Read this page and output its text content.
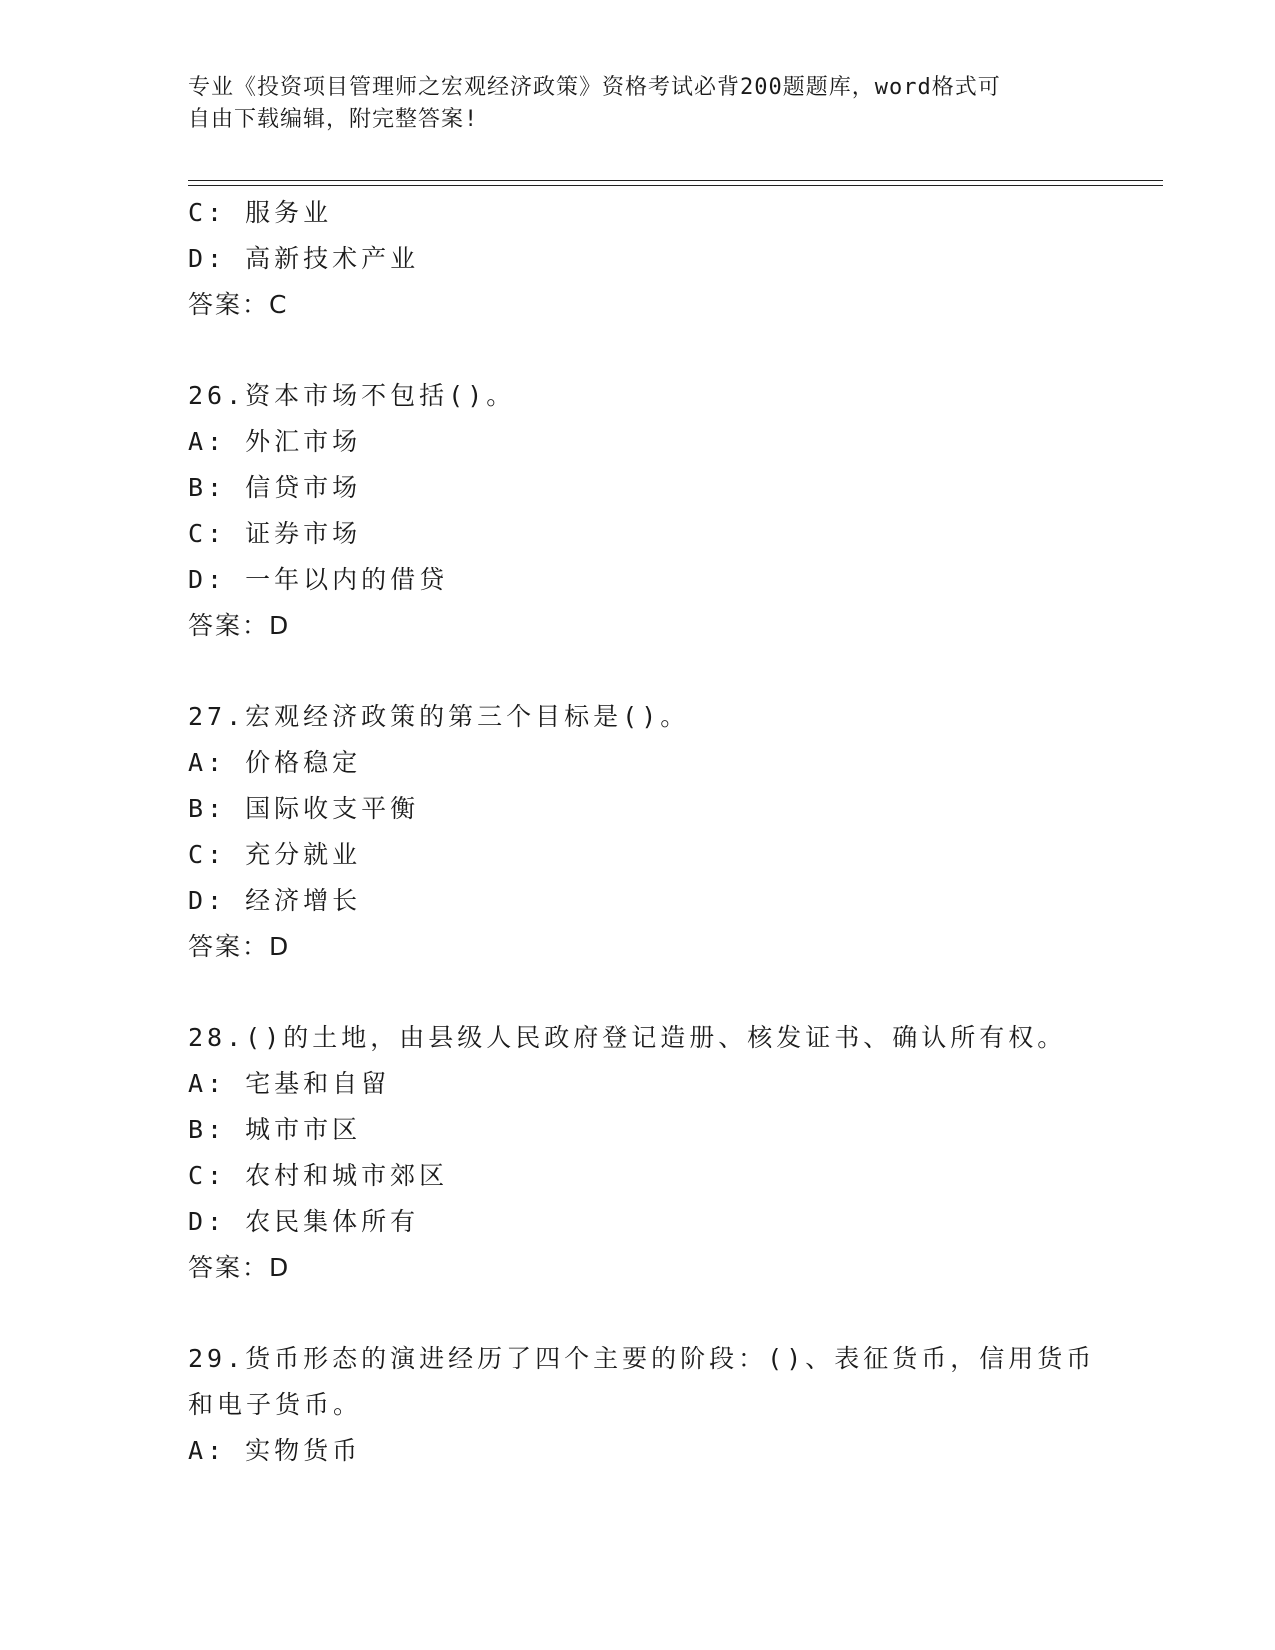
专业《投资项目管理师之宏观经济政策》资格考试必背200题题库，word格式可
自由下载编辑，附完整答案!
C: 服务业
D: 高新技术产业
答案：C
26.资本市场不包括()。
A: 外汇市场
B: 信贷市场
C: 证券市场
D: 一年以内的借贷
答案：D
27.宏观经济政策的第三个目标是()。
A: 价格稳定
B: 国际收支平衡
C: 充分就业
D: 经济增长
答案：D
28.()的土地，由县级人民政府登记造册、核发证书、确认所有权。
A: 宅基和自留
B: 城市市区
C: 农村和城市郊区
D: 农民集体所有
答案：D
29.货币形态的演进经历了四个主要的阶段：()、表征货币，信用货币
和电子货币。
A: 实物货币
